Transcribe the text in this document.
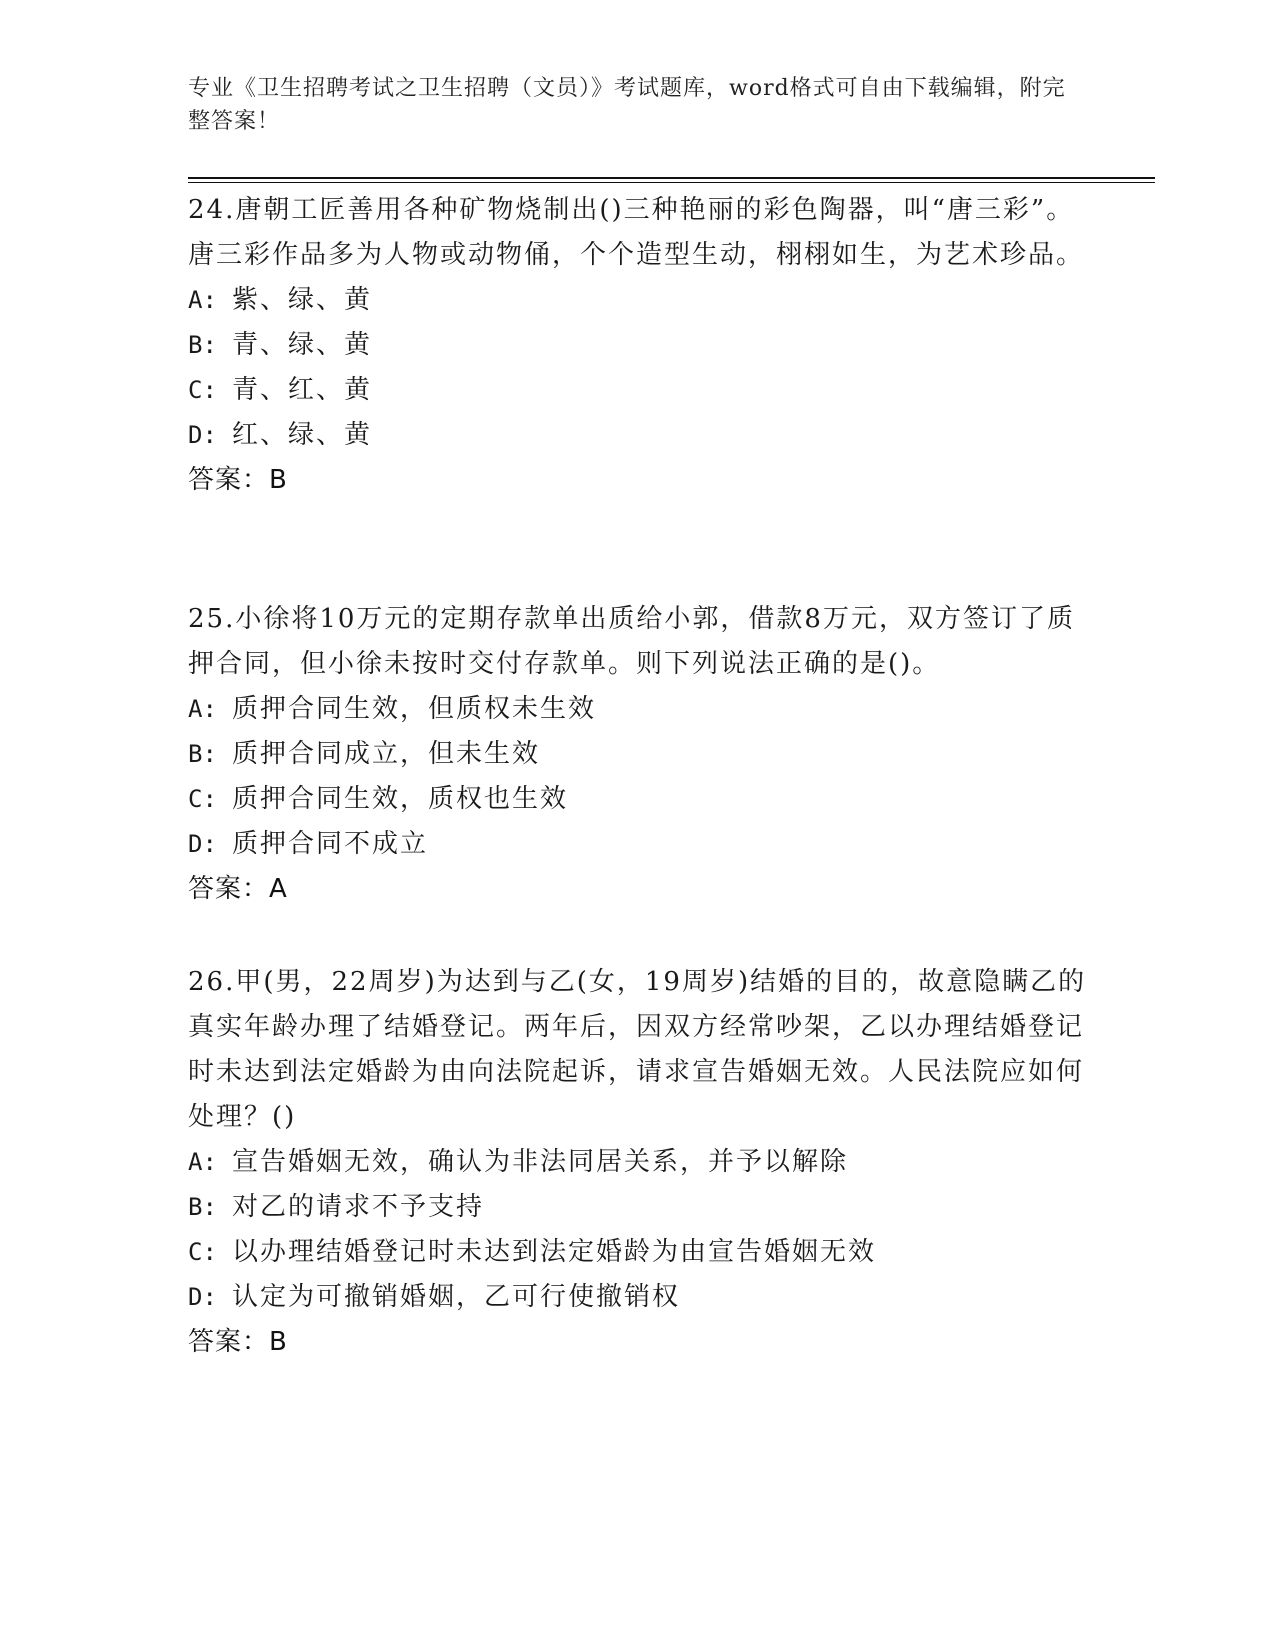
专业《卫生招聘考试之卫生招聘（文员）》考试题库，word格式可自由下载编辑，附完整答案！

24.唐朝工匠善用各种矿物烧制出()三种艳丽的彩色陶器，叫“唐三彩”。唐三彩作品多为人物或动物俑，个个造型生动，栩栩如生，为艺术珍品。

A: 紫、绿、黄

B: 青、绿、黄

C: 青、红、黄

D: 红、绿、黄

答案：B

25.小徐将10万元的定期存款单出质给小郭，借款8万元，双方签订了质押合同，但小徐未按时交付存款单。则下列说法正确的是()。

A: 质押合同生效，但质权未生效

B: 质押合同成立，但未生效

C: 质押合同生效，质权也生效

D: 质押合同不成立

答案：A

26.甲(男，22周岁)为达到与乙(女，19周岁)结婚的目的，故意隐瞒乙的真实年龄办理了结婚登记。两年后，因双方经常吵架，乙以办理结婚登记时未达到法定婚龄为由向法院起诉，请求宣告婚姻无效。人民法院应如何处理？()

A: 宣告婚姻无效，确认为非法同居关系，并予以解除

B: 对乙的请求不予支持

C: 以办理结婚登记时未达到法定婚龄为由宣告婚姻无效

D: 认定为可撤销婚姻，乙可行使撤销权

答案：B
